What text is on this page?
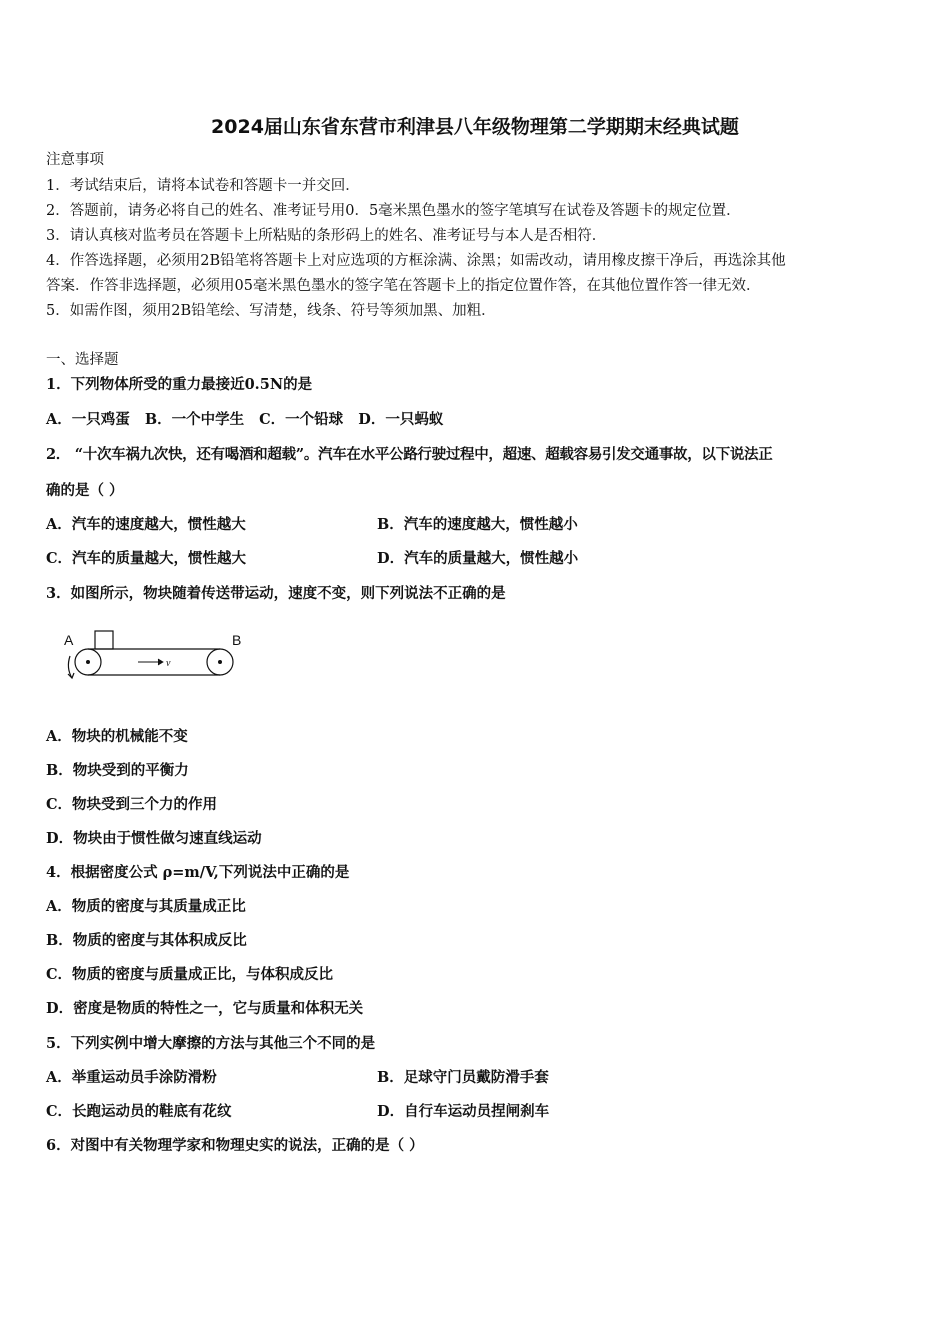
2024届山东省东营市利津县八年级物理第二学期期末经典试题
注意事项
1．考试结束后，请将本试卷和答题卡一并交回．
2．答题前，请务必将自己的姓名、准考证号用0．5毫米黑色墨水的签字笔填写在试卷及答题卡的规定位置．
3．请认真核对监考员在答题卡上所粘贴的条形码上的姓名、准考证号与本人是否相符．
4．作答选择题，必须用2B铅笔将答题卡上对应选项的方框涂满、涂黑；如需改动，请用橡皮擦干净后，再选涂其他
答案．作答非选择题，必须用05毫米黑色墨水的签字笔在答题卡上的指定位置作答，在其他位置作答一律无效．
5．如需作图，须用2B铅笔绘、写清楚，线条、符号等须加黑、加粗．
一、选择题
1．下列物体所受的重力最接近0.5N的是
A．一只鸡蛋 B．一个中学生 C．一个铅球 D．一只蚂蚁
2． “十次车祸九次快，还有喝酒和超载”。汽车在水平公路行驶过程中，超速、超载容易引发交通事故，以下说法正
确的是（ ）
A．汽车的速度越大，惯性越大	B．汽车的速度越大，惯性越小
C．汽车的质量越大，惯性越大	D．汽车的质量越大，惯性越小
3．如图所示，物块随着传送带运动，速度不变，则下列说法不正确的是
A	B
v
A．物块的机械能不变
B．物块受到的平衡力
C．物块受到三个力的作用
D．物块由于惯性做匀速直线运动
4．根据密度公式 ρ=m/V,下列说法中正确的是
A．物质的密度与其质量成正比
B．物质的密度与其体积成反比
C．物质的密度与质量成正比，与体积成反比
D．密度是物质的特性之一，它与质量和体积无关
5．下列实例中增大摩擦的方法与其他三个不同的是
A．举重运动员手涂防滑粉	B．足球守门员戴防滑手套
C．长跑运动员的鞋底有花纹	D．自行车运动员捏闸刹车
6．对图中有关物理学家和物理史实的说法，正确的是（ ）
